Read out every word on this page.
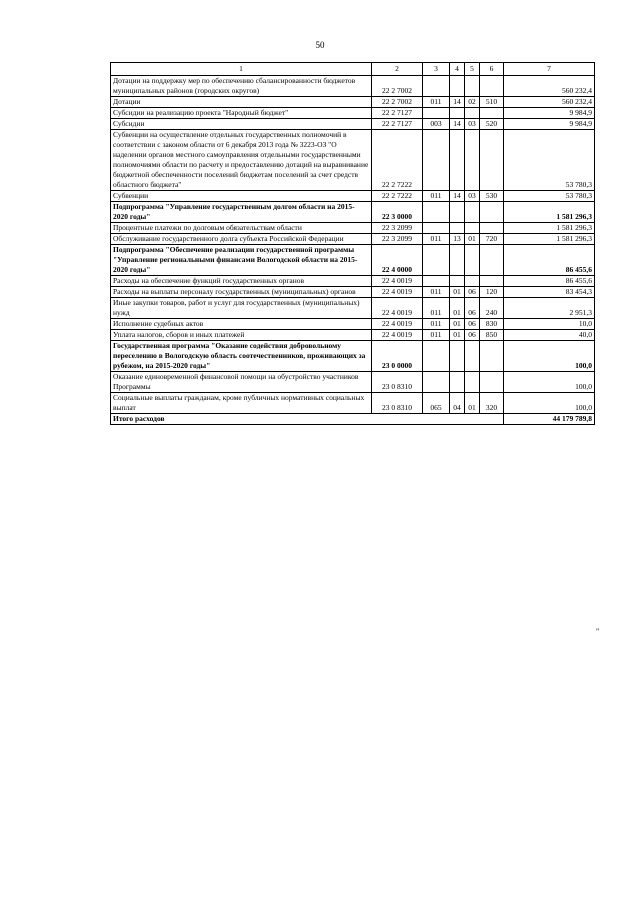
50
1	2	3	4	5	6	7
Дотации на поддержку мер по обеспечению сбалансированности бюджетов муниципальных районов (городских округов)	22 2 7002					560 232,4
Дотации	22 2 7002	011	14	02	510	560 232,4
Субсидии на реализацию проекта "Народный бюджет"	22 2 7127					9 984,9
Субсидии	22 2 7127	003	14	03	520	9 984,9
Субвенции на осуществление отдельных государственных полномочий в соответствии с законом области от 6 декабря 2013 года № 3223-ОЗ "О наделении органов местного самоуправления отдельными государственными полномочиями области по расчету и предоставлению дотаций на выравнивание бюджетной обеспеченности поселений бюджетам поселений за счет средств областного бюджета"	22 2 7222					53 780,3
Субвенции	22 2 7222	011	14	03	530	53 780,3
Подпрограмма "Управление государственным долгом области на 2015-2020 годы"	22 3 0000					1 581 296,3
Процентные платежи по долговым обязательствам области	22 3 2099					1 581 296,3
Обслуживание государственного долга субъекта Российской Федерации	22 3 2099	011	13	01	720	1 581 296,3
Подпрограмма "Обеспечение реализации государственной программы "Управление региональными финансами Вологодской области на 2015-2020 годы"	22 4 0000					86 455,6
Расходы на обеспечение функций государственных органов	22 4 0019					86 455,6
Расходы на выплаты персоналу государственных (муниципальных) органов	22 4 0019	011	01	06	120	83 454,3
Иные закупки товаров, работ и услуг для государственных (муниципальных) нужд	22 4 0019	011	01	06	240	2 951,3
Исполнение судебных актов	22 4 0019	011	01	06	830	10,0
Уплата налогов, сборов и иных платежей	22 4 0019	011	01	06	850	40,0
Государственная программа "Оказание содействия добровольному переселению в Вологодскую область соотечественников, проживающих за рубежом, на 2015-2020 годы"	23 0 0000					100,0
Оказание единовременной финансовой помощи на обустройство участников Программы	23 0 8310					100,0
Социальные выплаты гражданам, кроме публичных нормативных социальных выплат	23 0 8310	065	04	01	320	100,0
Итого расходов						44 179 789,8
"
